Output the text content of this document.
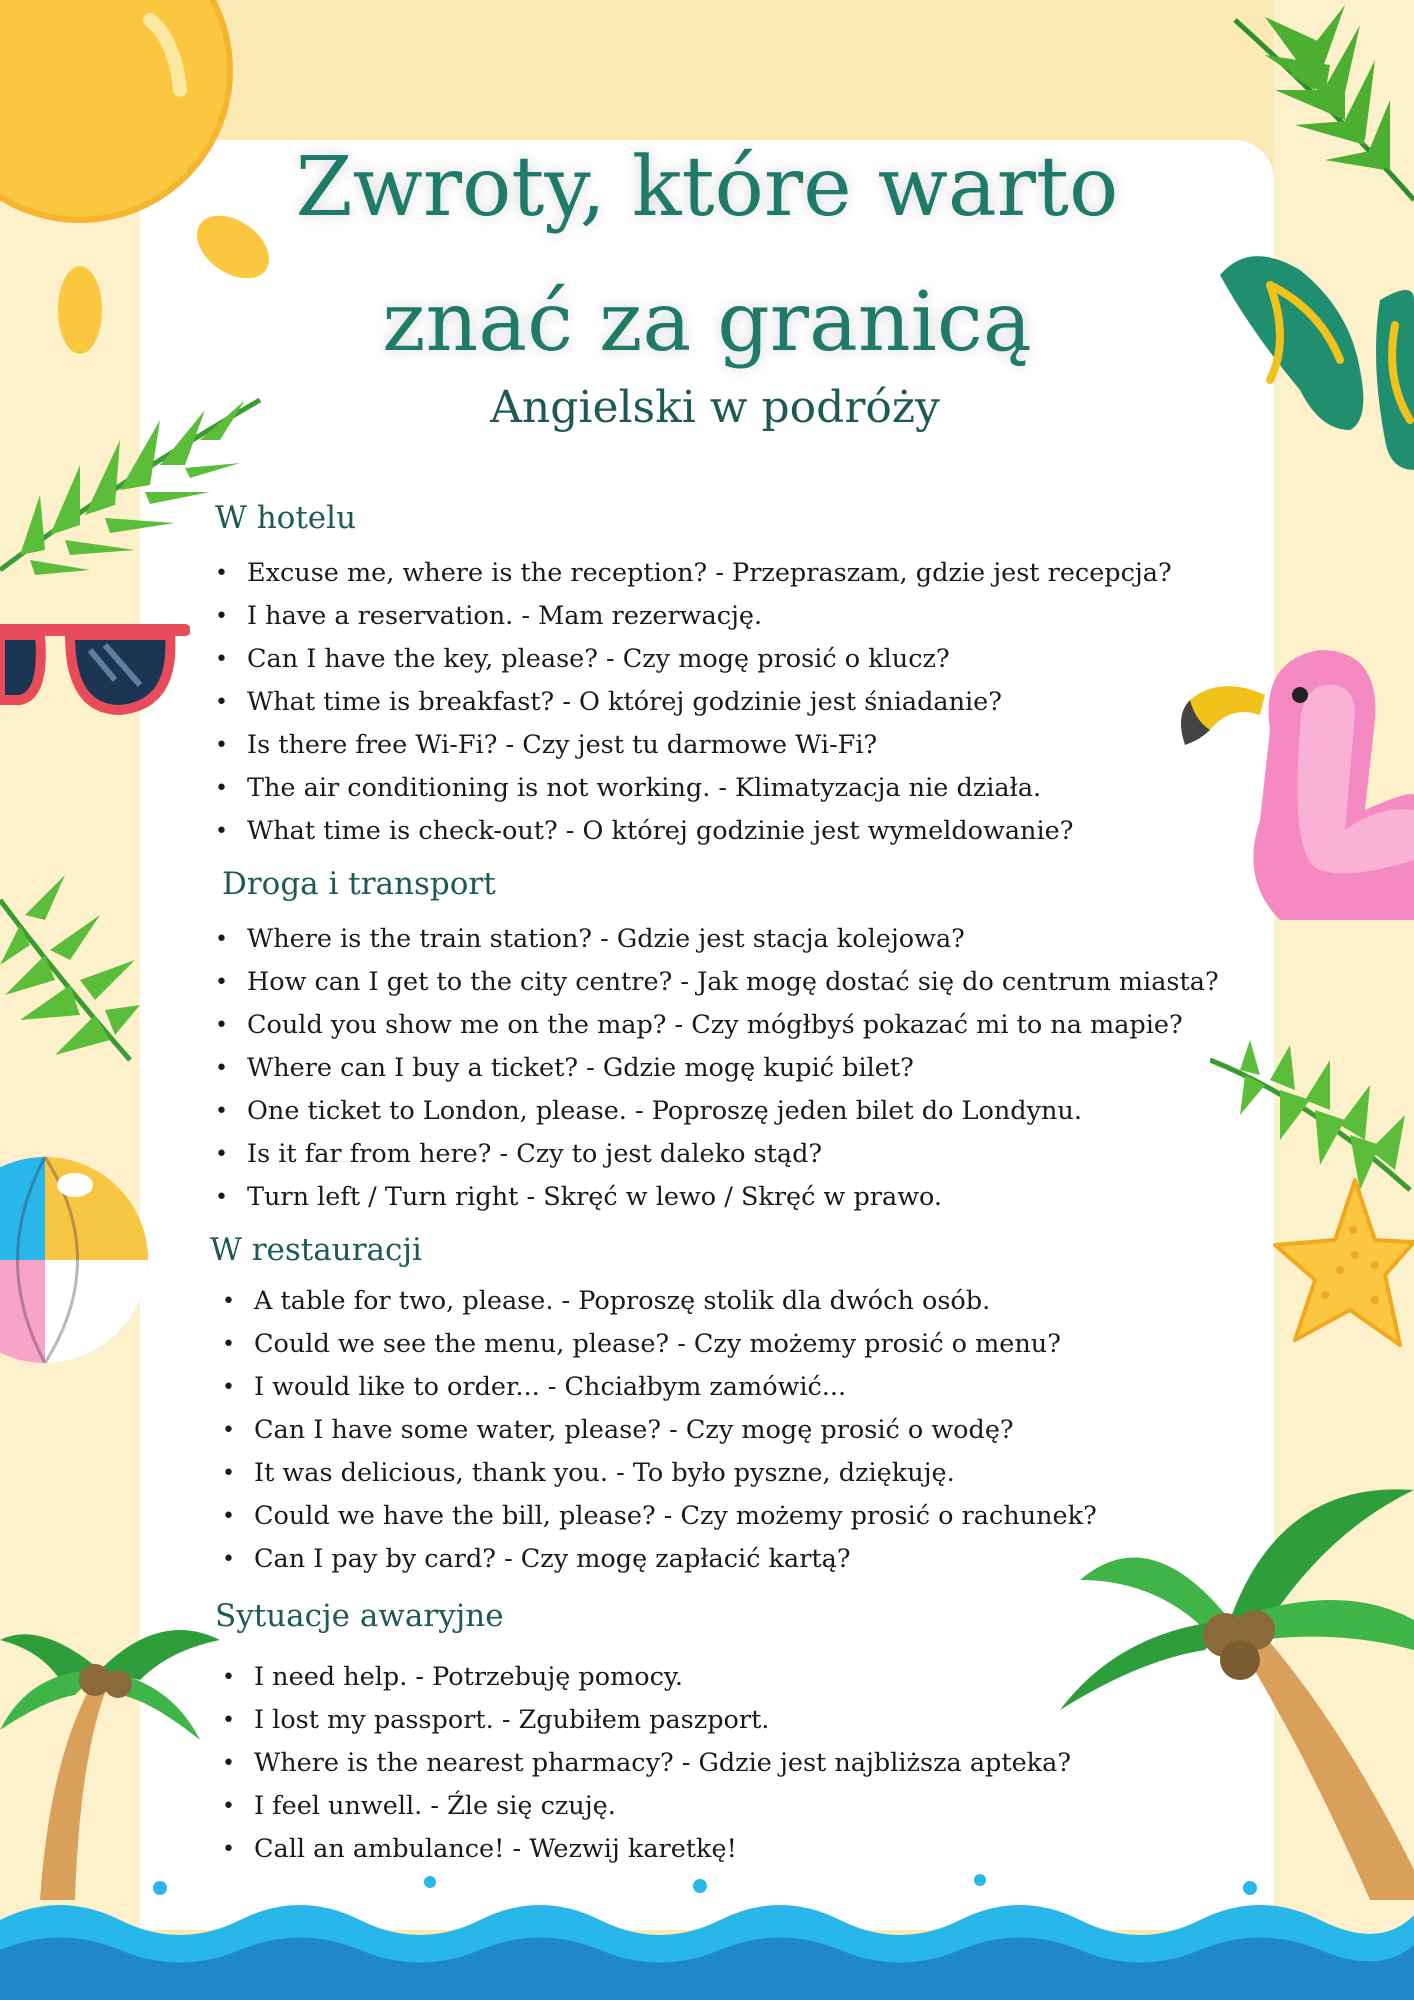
Zwroty, które warto
znać za granicą
Angielski w podróży
W hotelu
• Excuse me, where is the reception? - Przepraszam, gdzie jest recepcja?
• I have a reservation. - Mam rezerwację.
• Can I have the key, please? - Czy mogę prosić o klucz?
• What time is breakfast? - O której godzinie jest śniadanie?
• Is there free Wi-Fi? - Czy jest tu darmowe Wi-Fi?
• The air conditioning is not working. - Klimatyzacja nie działa.
• What time is check-out? - O której godzinie jest wymeldowanie?
Droga i transport
• Where is the train station? - Gdzie jest stacja kolejowa?
• How can I get to the city centre? - Jak mogę dostać się do centrum miasta?
• Could you show me on the map? - Czy mógłbyś pokazać mi to na mapie?
• Where can I buy a ticket? - Gdzie mogę kupić bilet?
• One ticket to London, please. - Poproszę jeden bilet do Londynu.
• Is it far from here? - Czy to jest daleko stąd?
• Turn left / Turn right - Skręć w lewo / Skręć w prawo.
W restauracji
• A table for two, please. - Poproszę stolik dla dwóch osób.
• Could we see the menu, please? - Czy możemy prosić o menu?
• I would like to order... - Chciałbym zamówić...
• Can I have some water, please? - Czy mogę prosić o wodę?
• It was delicious, thank you. - To było pyszne, dziękuję.
• Could we have the bill, please? - Czy możemy prosić o rachunek?
• Can I pay by card? - Czy mogę zapłacić kartą?
Sytuacje awaryjne
• I need help. - Potrzebuję pomocy.
• I lost my passport. - Zgubiłem paszport.
• Where is the nearest pharmacy? - Gdzie jest najbliższa apteka?
• I feel unwell. - Źle się czuję.
• Call an ambulance! - Wezwij karetkę!
